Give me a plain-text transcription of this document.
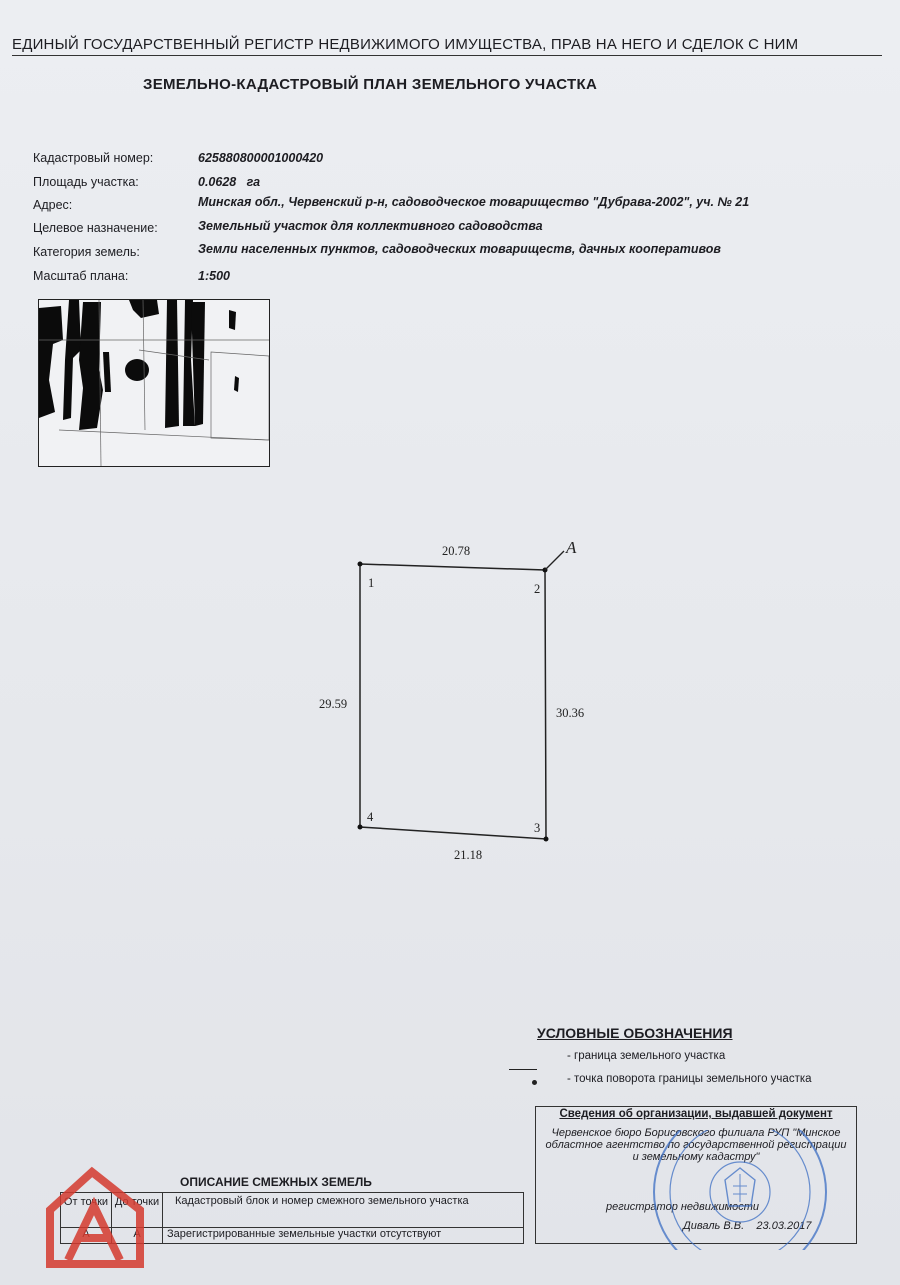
ЕДИНЫЙ ГОСУДАРСТВЕННЫЙ РЕГИСТР НЕДВИЖИМОГО ИМУЩЕСТВА, ПРАВ НА НЕГО И СДЕЛОК С НИМ
ЗЕМЕЛЬНО-КАДАСТРОВЫЙ ПЛАН ЗЕМЕЛЬНОГО УЧАСТКА
Кадастровый номер:	625880800001000420
Площадь участка:	0.0628   га
Адрес:	Минская обл., Червенский р-н, садоводческое товарищество "Дубрава-2002", уч. № 21
Целевое назначение:	Земельный участок для коллективного садоводства
Категория земель:	Земли населенных пунктов, садоводческих товариществ, дачных кооперативов
Масштаб плана:	1:500
20.78
29.59
30.36
21.18
1	2
3
4
A
УСЛОВНЫЕ ОБОЗНАЧЕНИЯ
- граница земельного участка
- точка поворота границы земельного участка
Сведения об организации, выдавшей документ
Червенское бюро Борисовского филиала РУП "Минское областное агентство по государственной регистрации и земельному кадастру"
регистратор недвижимости
Диваль В.В.    23.03.2017
ОПИСАНИЕ СМЕЖНЫХ ЗЕМЕЛЬ
От точки До точки	Кадастровый блок и номер смежного земельного участка
А	А	Зарегистрированные земельные участки отсутствуют
